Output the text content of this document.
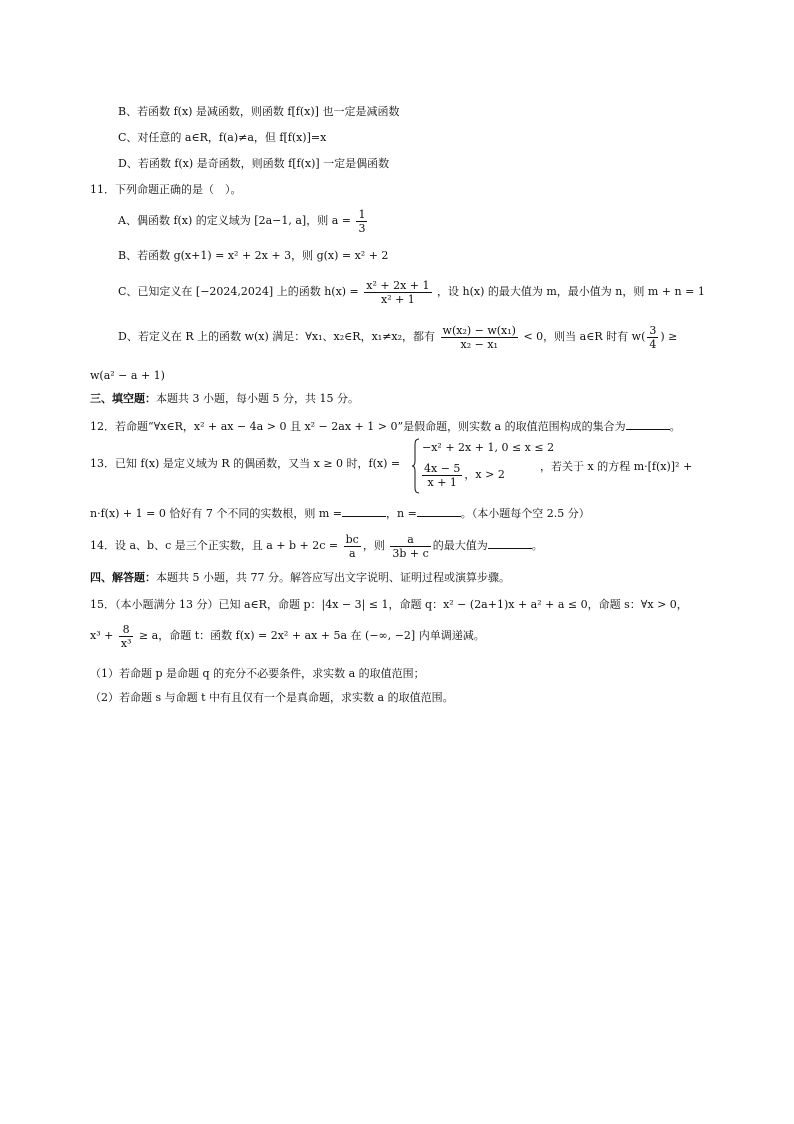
B、若函数 f(x) 是减函数，则函数 f[f(x)] 也一定是减函数
C、对任意的 a∈R，f(a)≠a，但 f[f(x)]=x
D、若函数 f(x) 是奇函数，则函数 f[f(x)] 一定是偶函数
11．下列命题正确的是（　）。
A、偶函数 f(x) 的定义域为 [2a−1, a]，则 $a = \frac{1}{3}$
B、若函数 g(x+1) = x² + 2x + 3，则 g(x) = x² + 2
C、已知定义在 [−2024,2024] 上的函数 $h(x) = \frac{\text{x² + 2x + 1}}{\text{x² + 1}}$ ，设 h(x) 的最大值为 m，最小值为 n，则 m + n = 1
D、若定义在 R 上的函数 w(x) 满足：∀x₁、x₂∈R，x₁≠x₂，都有 $\frac{\text{w(x₂) − w(x₁)}}{\text{x₂ − x₁}} < 0$，则当 a∈R 时有 $w( \frac{3}{4}$ ) ≥
w(a² − a + 1)
三、填空题：本题共 3 小题，每小题 5 分，共 15 分。
12．若命题“∀x∈R，x² + ax − 4a > 0 且 x² − 2ax + 1 > 0”是假命题，则实数 a 的取值范围构成的集合为	。
13．已知 f(x) 是定义域为 R 的偶函数，又当 x ≥ 0 时，f(x) =
−x² + 2x + 1, 0 ≤ x ≤ 2
$\frac{4x - 5}{x + 1}$ ，x > 2
，若关于 x 的方程 m·[f(x)]² +
n·f(x) + 1 = 0 恰好有 7 个不同的实数根，则 m =	，n =	。（本小题每个空 2.5 分）
14．设 a、b、c 是三个正实数，且 $a + b + 2c = \frac{bc}{a}$ ，则 $\frac{a}{3b + c}$ 的最大值为	。
四、解答题：本题共 5 小题，共 77 分。解答应写出文字说明、证明过程或演算步骤。
15．（本小题满分 13 分）已知 a∈R，命题 p：|4x − 3| ≤ 1，命题 q：x² − (2a+1)x + a² + a ≤ 0，命题 s：∀x > 0，
$x^3 + \frac{8}{\text{x³}} \ge a$，命题 t：函数 f(x) = 2x² + ax + 5a 在 (−∞, −2] 内单调递减。
（1）若命题 p 是命题 q 的充分不必要条件，求实数 a 的取值范围；
（2）若命题 s 与命题 t 中有且仅有一个是真命题，求实数 a 的取值范围。
